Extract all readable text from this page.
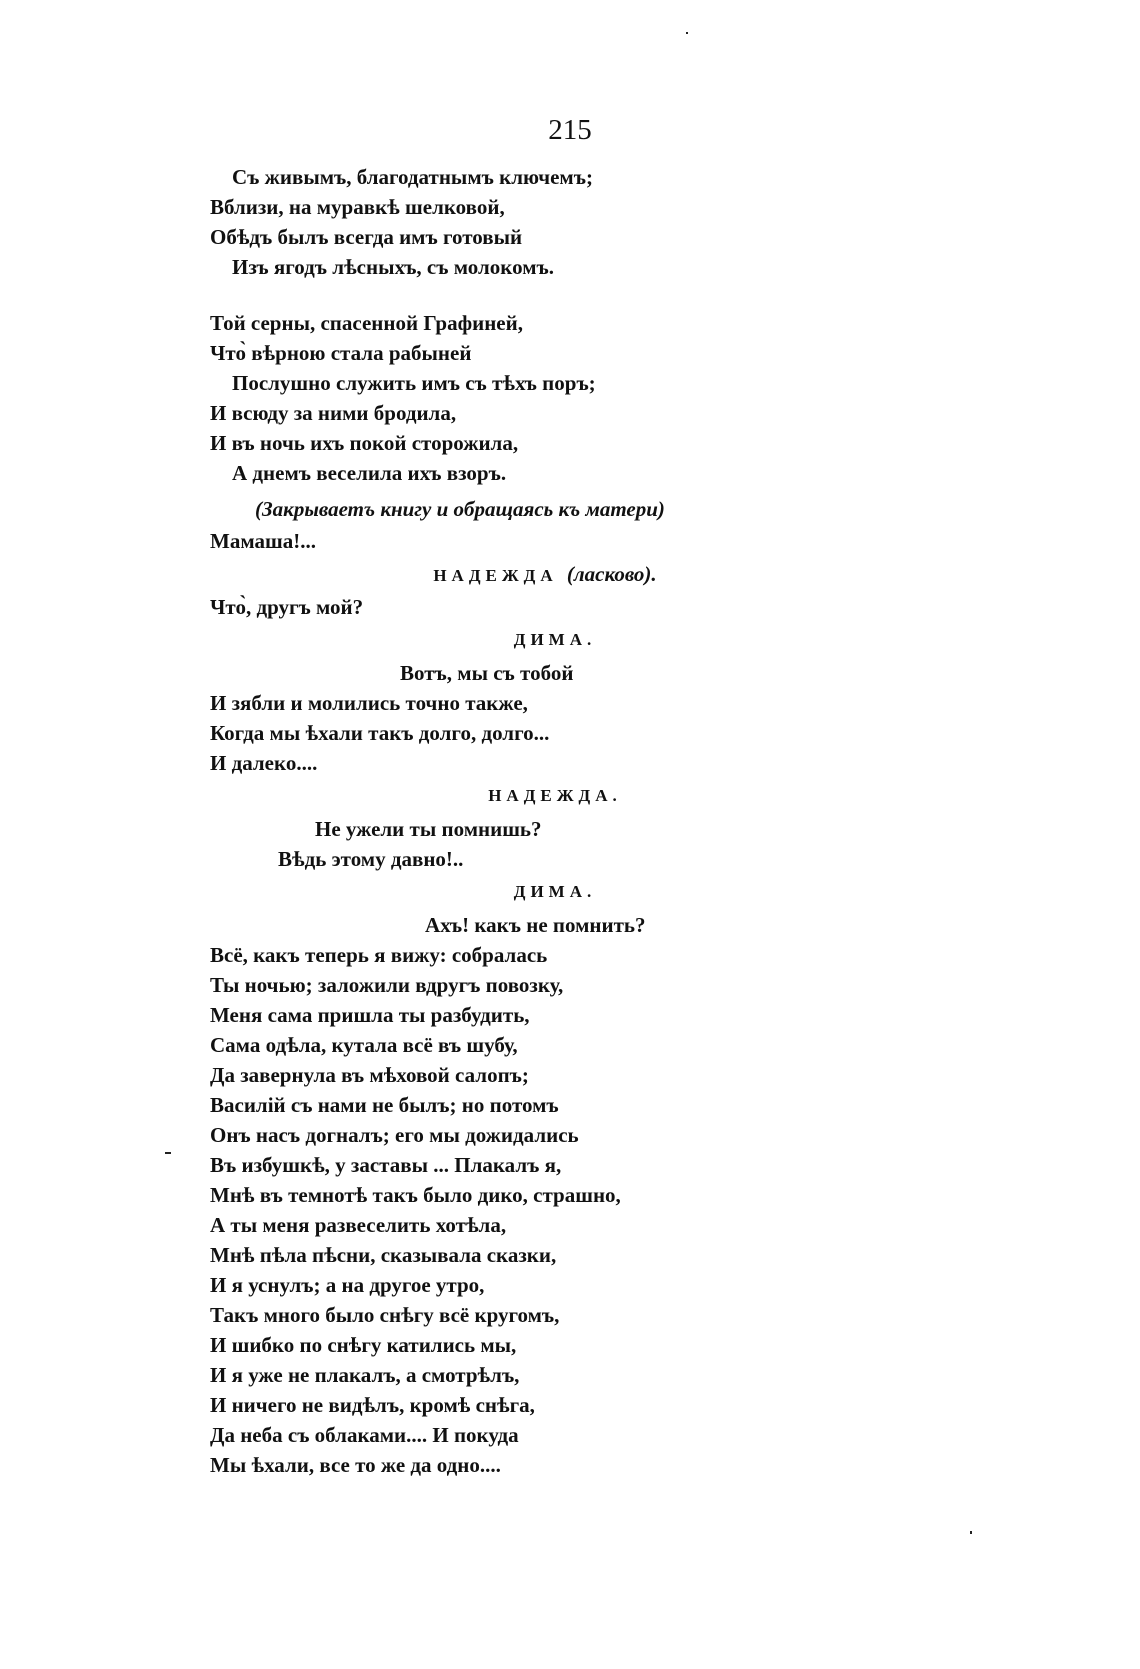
215
Съ живымъ, благодатнымъ ключемъ;
Вблизи, на муравкѣ шелковой,
Обѣдъ былъ всегда имъ готовый
Изъ ягодъ лѣсныхъ, съ молокомъ.
Той серны, спасенной Графиней,
Что̀ вѣрною стала рабыней
Послушно служить имъ съ тѣхъ поръ;
И всюду за ними бродила,
И въ ночь ихъ покой сторожила,
А днемъ веселила ихъ взоръ.
(Закрываетъ книгу и обращаясь къ матери)
Мамаша!...
НАДЕЖДА (ласково).
Что̀, другъ мой?
ДИМА.
Вотъ, мы съ тобой
И зябли и молились точно также,
Когда мы ѣхали такъ долго, долго...
И далеко....
НАДЕЖДА.
Не ужели ты помнишь?
Вѣдь этому давно!..
ДИМА.
Ахъ! какъ не помнить?
Всё, какъ теперь я вижу: собралась
Ты ночью; заложили вдругъ повозку,
Меня сама пришла ты разбудить,
Сама одѣла, кутала всё въ шубу,
Да завернула въ мѣховой салопъ;
Василій съ нами не былъ; но потомъ
Онъ насъ догналъ; его мы дожидались
Въ избушкѣ, у заставы ... Плакалъ я,
Мнѣ въ темнотѣ такъ было дико, страшно,
А ты меня развеселить хотѣла,
Мнѣ пѣла пѣсни, сказывала сказки,
И я уснулъ; а на другое утро,
Такъ много было снѣгу всё кругомъ,
И шибко по снѣгу катились мы,
И я уже не плакалъ, а смотрѣлъ,
И ничего не видѣлъ, кромѣ снѣга,
Да неба съ облаками.... И покуда
Мы ѣхали, все то же да одно....
